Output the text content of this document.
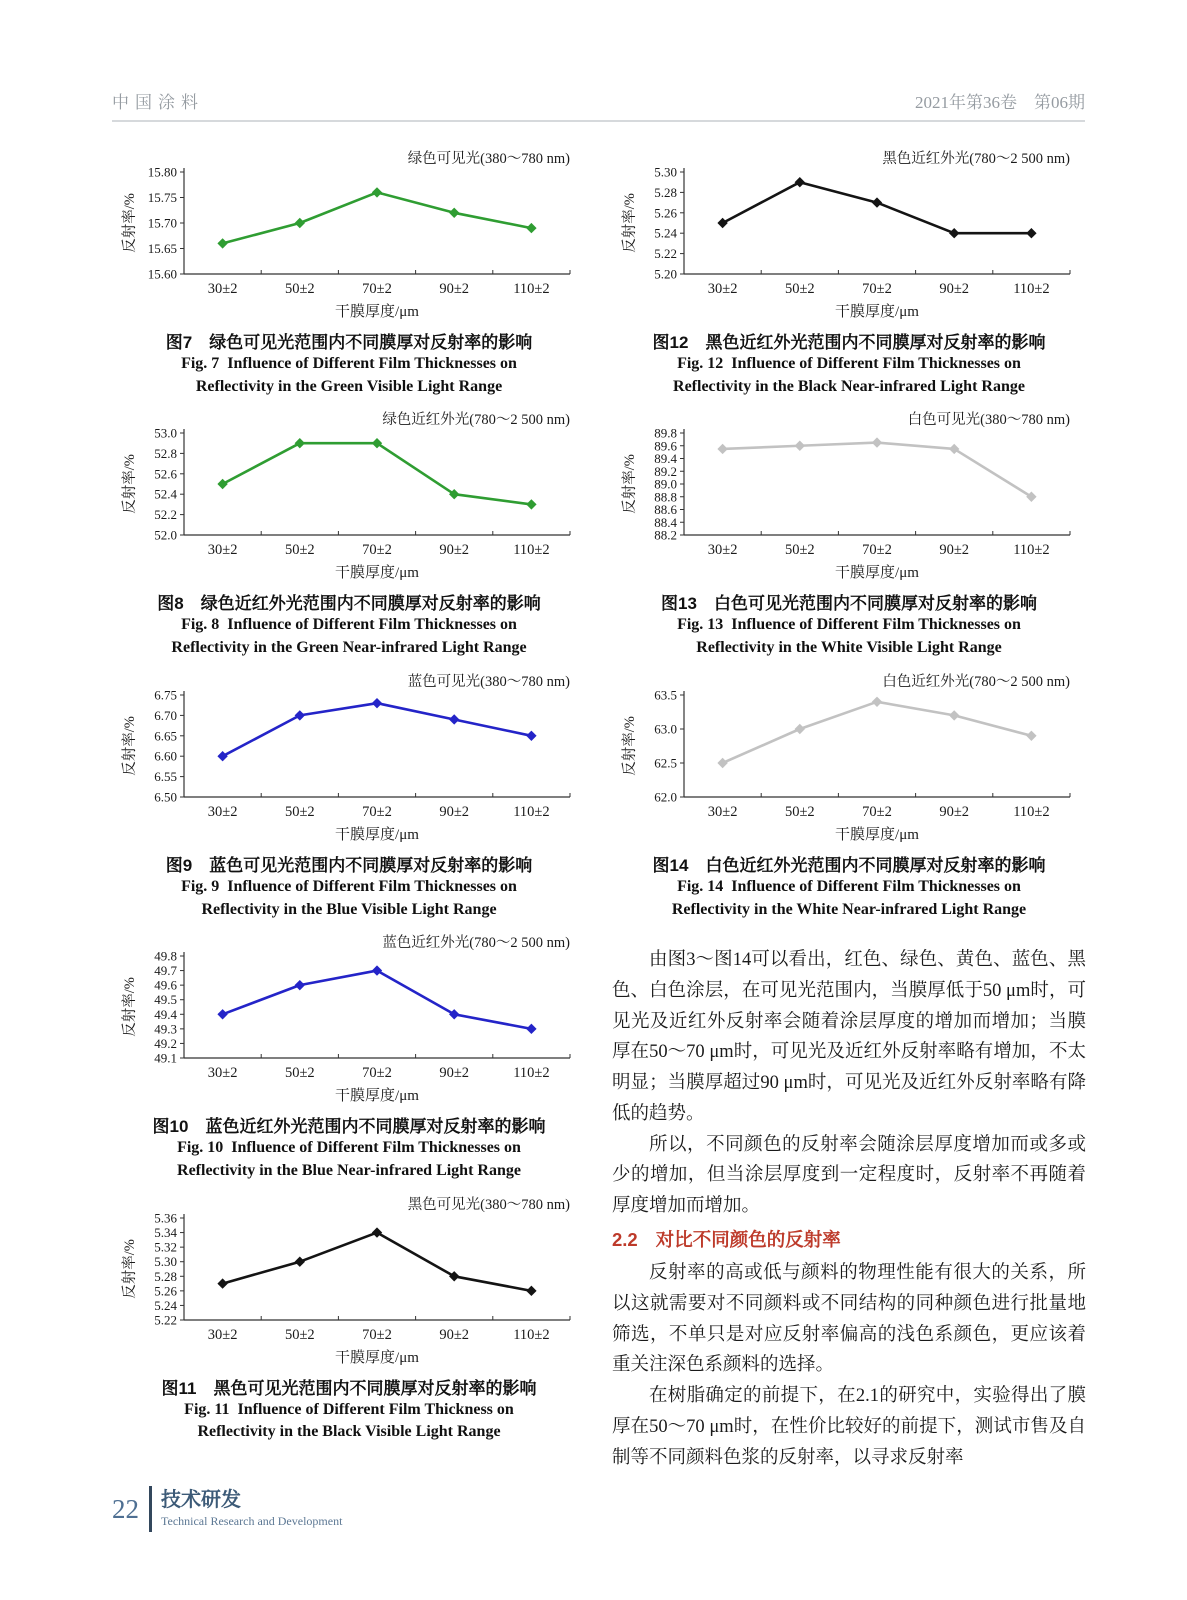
中国涂料	2021年第36卷　第06期
15.60
15.65
15.70
15.75
15.80
30±2	50±2	70±2	90±2	110±2
绿色可见光(380～780 nm)
反射率/%
干膜厚度/μm
图7　绿色可见光范围内不同膜厚对反射率的影响
Fig. 7  Influence of Different Film Thicknesses on
Reflectivity in the Green Visible Light Range
52.0
52.2
52.4
52.6
52.8
53.0
30±2	50±2	70±2	90±2	110±2
绿色近红外光(780～2 500 nm)
反射率/%
干膜厚度/μm
图8　绿色近红外光范围内不同膜厚对反射率的影响
Fig. 8  Influence of Different Film Thicknesses on
Reflectivity in the Green Near-infrared Light Range
6.50
6.55
6.60
6.65
6.70
6.75
30±2	50±2	70±2	90±2	110±2
蓝色可见光(380～780 nm)
反射率/%
干膜厚度/μm
图9　蓝色可见光范围内不同膜厚对反射率的影响
Fig. 9  Influence of Different Film Thicknesses on
Reflectivity in the Blue Visible Light Range
49.1
49.2
49.3
49.4
49.5
49.6
49.7
49.8
30±2	50±2	70±2	90±2	110±2
蓝色近红外光(780～2 500 nm)
反射率/%
干膜厚度/μm
图10　蓝色近红外光范围内不同膜厚对反射率的影响
Fig. 10  Influence of Different Film Thicknesses on
Reflectivity in the Blue Near-infrared Light Range
5.22
5.24
5.26
5.28
5.30
5.32
5.34
5.36
30±2	50±2	70±2	90±2	110±2
黑色可见光(380～780 nm)
反射率/%
干膜厚度/μm
图11　黑色可见光范围内不同膜厚对反射率的影响
Fig. 11  Influence of Different Film Thickness on
Reflectivity in the Black Visible Light Range
5.20
5.22
5.24
5.26
5.28
5.30
30±2	50±2	70±2	90±2	110±2
黑色近红外光(780～2 500 nm)
反射率/%
干膜厚度/μm
图12　黑色近红外光范围内不同膜厚对反射率的影响
Fig. 12  Influence of Different Film Thicknesses on
Reflectivity in the Black Near-infrared Light Range
88.2
88.4
88.6
88.8
89.0
89.2
89.4
89.6
89.8
30±2	50±2	70±2	90±2	110±2
白色可见光(380～780 nm)
反射率/%
干膜厚度/μm
图13　白色可见光范围内不同膜厚对反射率的影响
Fig. 13  Influence of Different Film Thicknesses on
Reflectivity in the White Visible Light Range
62.0
62.5
63.0
63.5
30±2	50±2	70±2	90±2	110±2
白色近红外光(780～2 500 nm)
反射率/%
干膜厚度/μm
图14　白色近红外光范围内不同膜厚对反射率的影响
Fig. 14  Influence of Different Film Thicknesses on
Reflectivity in the White Near-infrared Light Range

由图3～图14可以看出，红色、绿色、黄色、蓝色、黑色、白色涂层，在可见光范围内，当膜厚低于50 μm时，可见光及近红外反射率会随着涂层厚度的增加而增加；当膜厚在50～70 μm时，可见光及近红外反射率略有增加，不太明显；当膜厚超过90 μm时，可见光及近红外反射率略有降低的趋势。

所以，不同颜色的反射率会随涂层厚度增加而或多或少的增加，但当涂层厚度到一定程度时，反射率不再随着厚度增加而增加。

2.2 对比不同颜色的反射率

反射率的高或低与颜料的物理性能有很大的关系，所以这就需要对不同颜料或不同结构的同种颜色进行批量地筛选，不单只是对应反射率偏高的浅色系颜色，更应该着重关注深色系颜料的选择。

在树脂确定的前提下，在2.1的研究中，实验得出了膜厚在50～70 μm时，在性价比较好的前提下，测试市售及自制等不同颜料色浆的反射率，以寻求反射率

22 技术研发
Technical Research and Development
